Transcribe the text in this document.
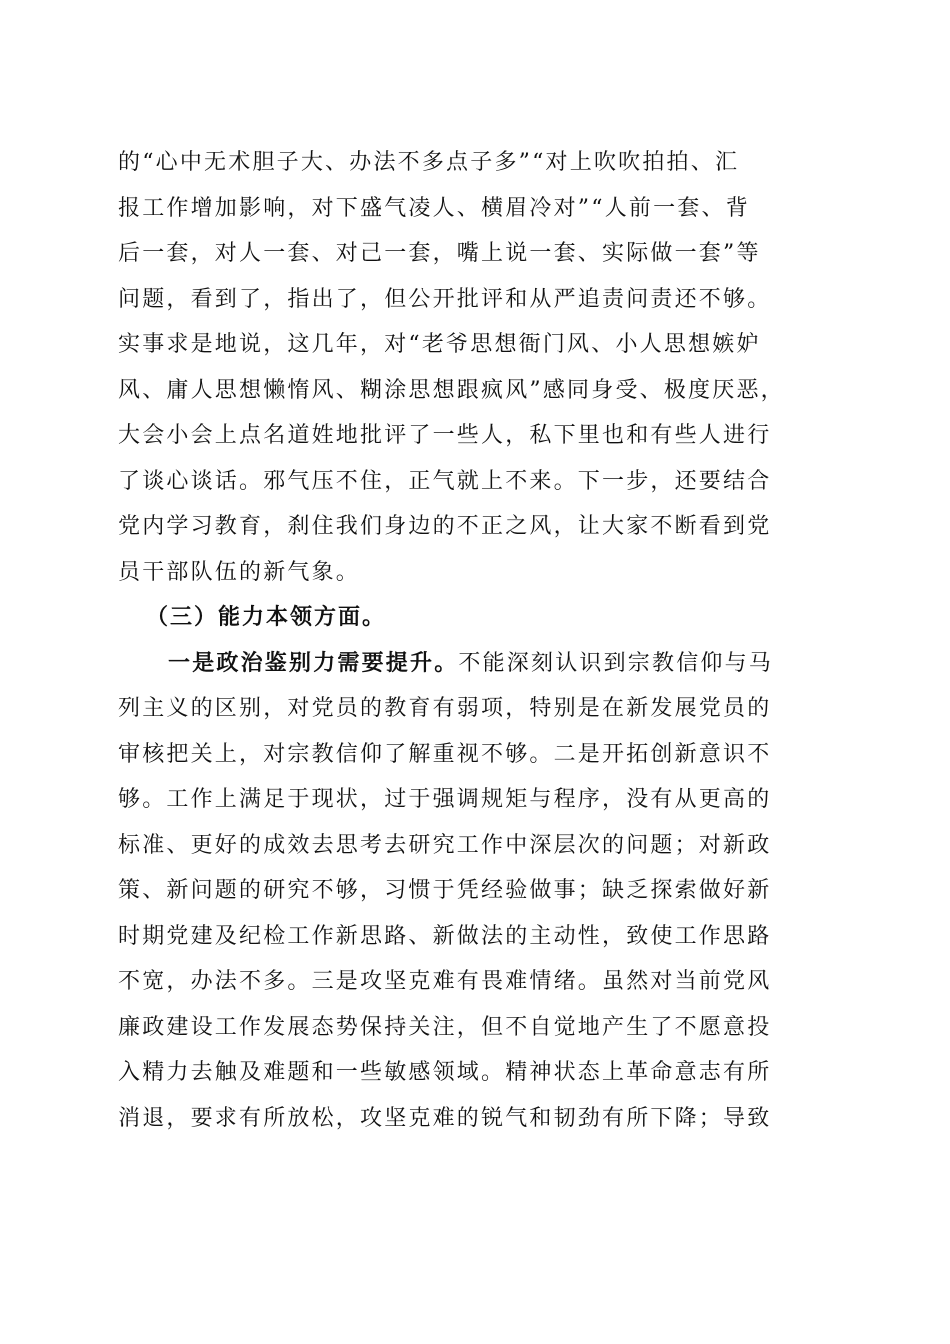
的“心中无术胆子大、办法不多点子多”“对上吹吹拍拍、汇
报工作增加影响，对下盛气凌人、横眉冷对”“人前一套、背
后一套，对人一套、对己一套，嘴上说一套、实际做一套”等
问题，看到了，指出了，但公开批评和从严追责问责还不够。
实事求是地说，这几年，对“老爷思想衙门风、小人思想嫉妒
风、庸人思想懒惰风、糊涂思想跟疯风”感同身受、极度厌恶，
大会小会上点名道姓地批评了一些人，私下里也和有些人进行
了谈心谈话。邪气压不住，正气就上不来。下一步，还要结合
党内学习教育，刹住我们身边的不正之风，让大家不断看到党
员干部队伍的新气象。
（三）能力本领方面。
一是政治鉴别力需要提升。不能深刻认识到宗教信仰与马
列主义的区别，对党员的教育有弱项，特别是在新发展党员的
审核把关上，对宗教信仰了解重视不够。二是开拓创新意识不
够。工作上满足于现状，过于强调规矩与程序，没有从更高的
标准、更好的成效去思考去研究工作中深层次的问题；对新政
策、新问题的研究不够，习惯于凭经验做事；缺乏探索做好新
时期党建及纪检工作新思路、新做法的主动性，致使工作思路
不宽，办法不多。三是攻坚克难有畏难情绪。虽然对当前党风
廉政建设工作发展态势保持关注，但不自觉地产生了不愿意投
入精力去触及难题和一些敏感领域。精神状态上革命意志有所
消退，要求有所放松，攻坚克难的锐气和韧劲有所下降；导致
